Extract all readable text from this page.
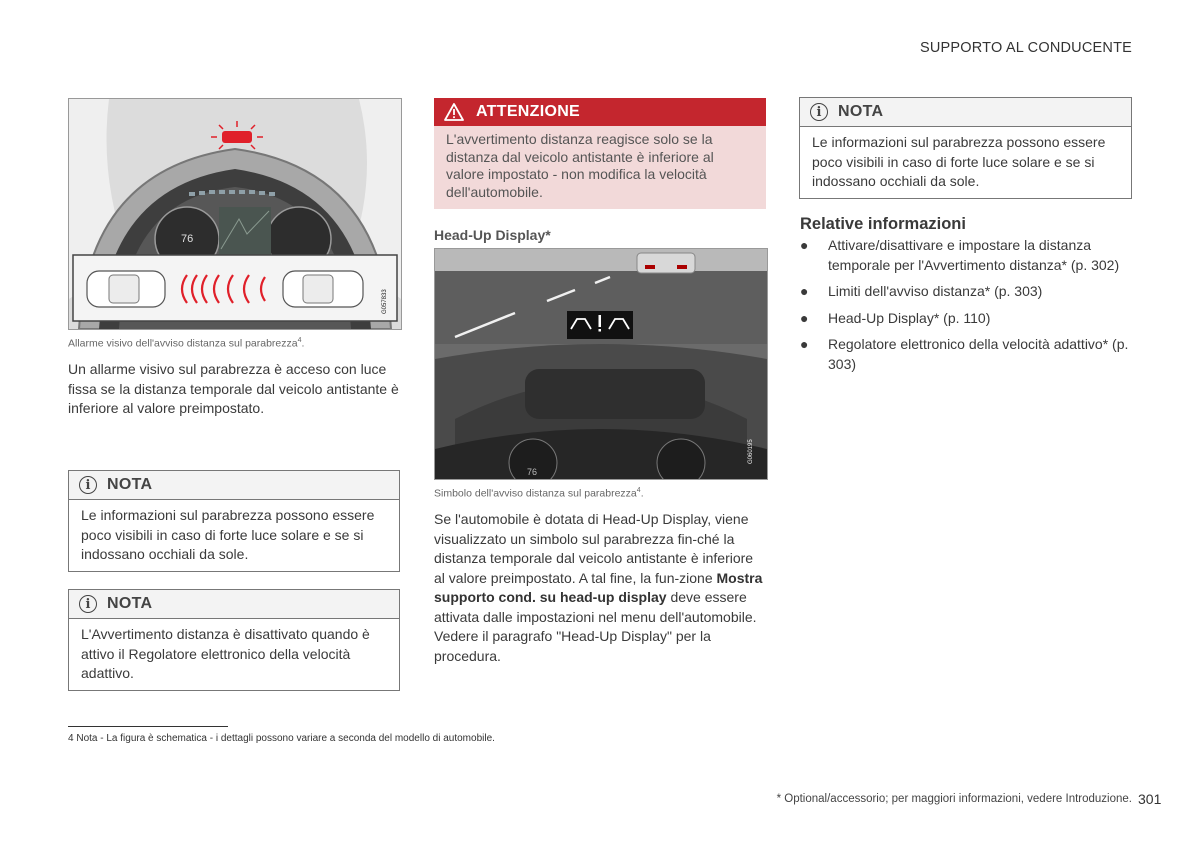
SUPPORTO AL CONDUCENTE
76
G057833
Allarme visivo dell'avviso distanza sul parabrezza$^4$.
Un allarme visivo sul parabrezza è acceso con luce fissa se la distanza temporale dal veicolo antistante è inferiore al valore preimpostato.
i	NOTA
Le informazioni sul parabrezza possono essere poco visibili in caso di forte luce solare e se si indossano occhiali da sole.
i	NOTA
L'Avvertimento distanza è disattivato quando è attivo il Regolatore elettronico della velocità adattivo.
ATTENZIONE
L'avvertimento distanza reagisce solo se la distanza dal veicolo antistante è inferiore al valore impostato - non modifica la velocità dell'automobile.
Head-Up Display*
76
G060195
Simbolo dell'avviso distanza sul parabrezza$^4$.
Se l'automobile è dotata di Head-Up Display, viene visualizzato un simbolo sul parabrezza fin-ché la distanza temporale dal veicolo antistante è inferiore al valore preimpostato. A tal fine, la fun-zione Mostra supporto cond. su head-up display deve essere attivata dalle impostazioni nel menu dell'automobile. Vedere il paragrafo "Head-Up Display" per la procedura.
i	NOTA
Le informazioni sul parabrezza possono essere poco visibili in caso di forte luce solare e se si indossano occhiali da sole.
Relative informazioni
● Attivare/disattivare e impostare la distanza temporale per l'Avvertimento distanza* (p. 302)
● Limiti dell'avviso distanza* (p. 303)
● Head-Up Display* (p. 110)
● Regolatore elettronico della velocità adattivo* (p. 303)
4 Nota - La figura è schematica - i dettagli possono variare a seconda del modello di automobile.
* Optional/accessorio; per maggiori informazioni, vedere Introduzione. 301
